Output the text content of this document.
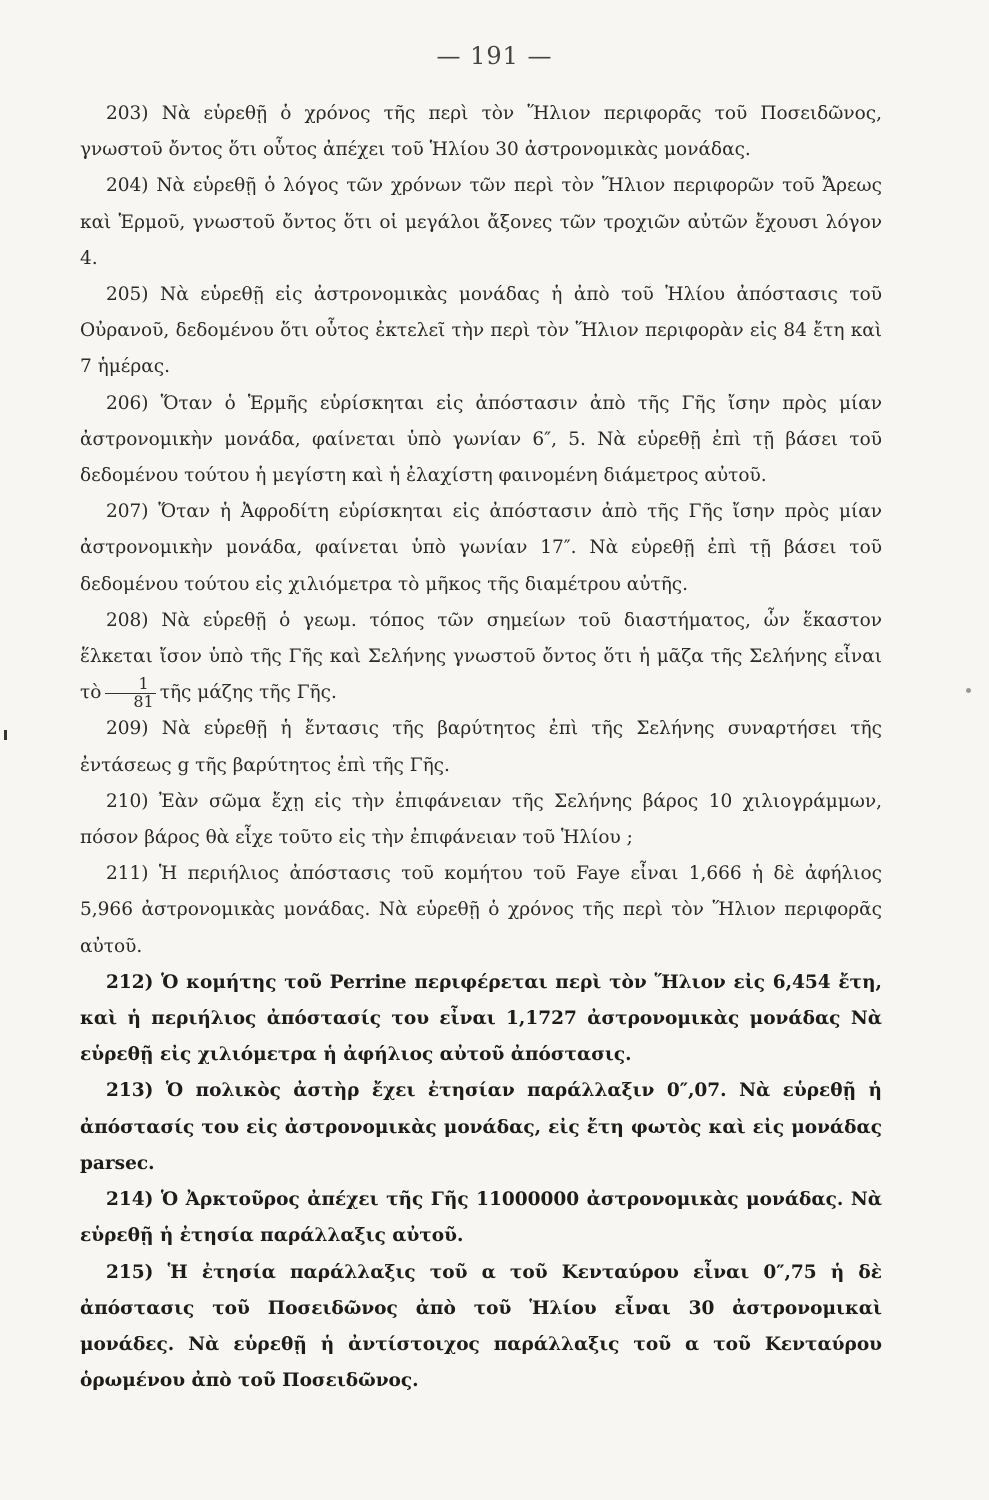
— 191 —

203) Νὰ εὑρεθῇ ὁ χρόνος τῆς περὶ τὸν Ἥλιον περιφορᾶς τοῦ Ποσειδῶνος, γνωστοῦ ὄντος ὅτι οὗτος ἀπέχει τοῦ Ἡλίου 30 ἀστρονομικὰς μονάδας.

204) Νὰ εὑρεθῇ ὁ λόγος τῶν χρόνων τῶν περὶ τὸν Ἥλιον περιφορῶν τοῦ Ἄρεως καὶ Ἑρμοῦ, γνωστοῦ ὄντος ὅτι οἱ μεγάλοι ἄξονες τῶν τροχιῶν αὐτῶν ἔχουσι λόγον 4.

205) Νὰ εὑρεθῇ εἰς ἀστρονομικὰς μονάδας ἡ ἀπὸ τοῦ Ἡλίου ἀπόστασις τοῦ Οὐρανοῦ, δεδομένου ὅτι οὗτος ἐκτελεῖ τὴν περὶ τὸν Ἥλιον περιφορὰν εἰς 84 ἔτη καὶ 7 ἡμέρας.

206) Ὅταν ὁ Ἑρμῆς εὑρίσκηται εἰς ἀπόστασιν ἀπὸ τῆς Γῆς ἴσην πρὸς μίαν ἀστρονομικὴν μονάδα, φαίνεται ὑπὸ γωνίαν 6″, 5. Νὰ εὑρεθῇ ἐπὶ τῇ βάσει τοῦ δεδομένου τούτου ἡ μεγίστη καὶ ἡ ἐλαχίστη φαινομένη διάμετρος αὐτοῦ.

207) Ὅταν ἡ Ἀφροδίτη εὑρίσκηται εἰς ἀπόστασιν ἀπὸ τῆς Γῆς ἴσην πρὸς μίαν ἀστρονομικὴν μονάδα, φαίνεται ὑπὸ γωνίαν 17″. Νὰ εὑρεθῇ ἐπὶ τῇ βάσει τοῦ δεδομένου τούτου εἰς χιλιόμετρα τὸ μῆκος τῆς διαμέτρου αὐτῆς.

208) Νὰ εὑρεθῇ ὁ γεωμ. τόπος τῶν σημείων τοῦ διαστήματος, ὧν ἕκαστον ἕλκεται ἴσον ὑπὸ τῆς Γῆς καὶ Σελήνης γνωστοῦ ὄντος ὅτι ἡ μᾶζα τῆς Σελήνης εἶναι τὸ $\frac{1}{81}$ τῆς μάζης τῆς Γῆς.

209) Νὰ εὑρεθῇ ἡ ἔντασις τῆς βαρύτητος ἐπὶ τῆς Σελήνης συναρτήσει τῆς ἐντάσεως g τῆς βαρύτητος ἐπὶ τῆς Γῆς.

210) Ἐὰν σῶμα ἔχῃ εἰς τὴν ἐπιφάνειαν τῆς Σελήνης βάρος 10 χιλιογράμμων, πόσον βάρος θὰ εἶχε τοῦτο εἰς τὴν ἐπιφάνειαν τοῦ Ἡλίου ;

211) Ἡ περιήλιος ἀπόστασις τοῦ κομήτου τοῦ Faye εἶναι 1,666 ἡ δὲ ἀφήλιος 5,966 ἀστρονομικὰς μονάδας. Νὰ εὑρεθῇ ὁ χρόνος τῆς περὶ τὸν Ἥλιον περιφορᾶς αὐτοῦ.

212) Ὁ κομήτης τοῦ Perrine περιφέρεται περὶ τὸν Ἥλιον εἰς 6,454 ἔτη, καὶ ἡ περιήλιος ἀπόστασίς του εἶναι 1,1727 ἀστρονομικὰς μονάδας Νὰ εὑρεθῇ εἰς χιλιόμετρα ἡ ἀφήλιος αὐτοῦ ἀπόστασις.

213) Ὁ πολικὸς ἀστὴρ ἔχει ἐτησίαν παράλλαξιν 0″,07. Νὰ εὑρεθῇ ἡ ἀπόστασίς του εἰς ἀστρονομικὰς μονάδας, εἰς ἔτη φωτὸς καὶ εἰς μονάδας parsec.

214) Ὁ Ἀρκτοῦρος ἀπέχει τῆς Γῆς 11000000 ἀστρονομικὰς μονάδας. Νὰ εὑρεθῇ ἡ ἐτησία παράλλαξις αὐτοῦ.

215) Ἡ ἐτησία παράλλαξις τοῦ α τοῦ Κενταύρου εἶναι 0″,75 ἡ δὲ ἀπόστασις τοῦ Ποσειδῶνος ἀπὸ τοῦ Ἡλίου εἶναι 30 ἀστρονομικαὶ μονάδες. Νὰ εὑρεθῇ ἡ ἀντίστοιχος παράλλαξις τοῦ α τοῦ Κενταύρου ὁρωμένου ἀπὸ τοῦ Ποσειδῶνος.
